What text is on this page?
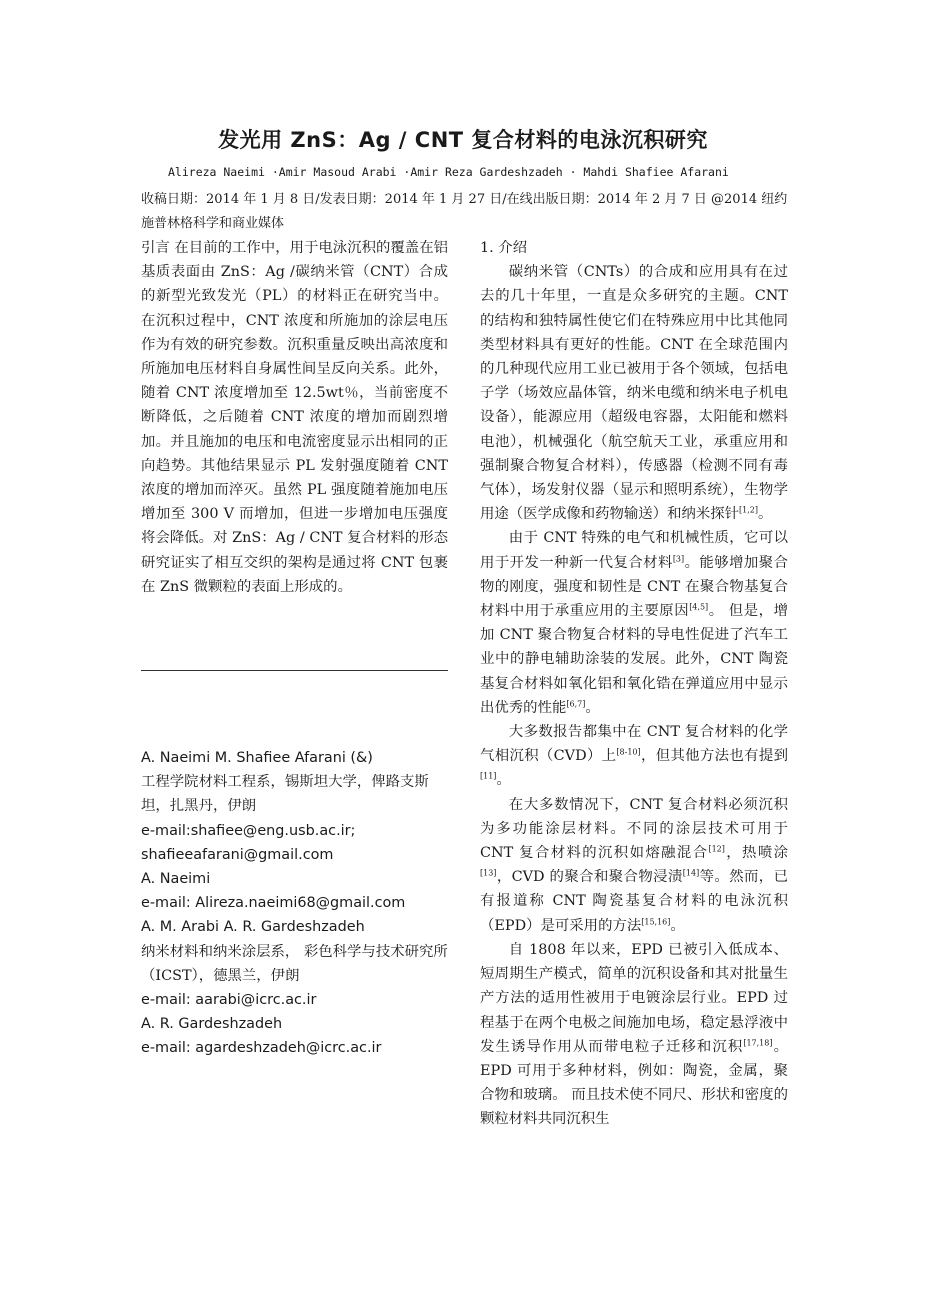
发光用 ZnS：Ag / CNT 复合材料的电泳沉积研究
Alireza Naeimi ·Amir Masoud Arabi ·Amir Reza Gardeshzadeh · Mahdi Shafiee Afarani
收稿日期：2014 年 1 月 8 日/发表日期：2014 年 1 月 27 日/在线出版日期：2014 年 2 月 7 日 @2014 纽约施普林格科学和商业媒体

引言 在目前的工作中，用于电泳沉积的覆盖在铝基质表面由 ZnS：Ag /碳纳米管（CNT）合成的新型光致发光（PL）的材料正在研究当中。在沉积过程中，CNT 浓度和所施加的涂层电压作为有效的研究参数。沉积重量反映出高浓度和所施加电压材料自身属性间呈反向关系。此外，随着 CNT 浓度增加至 12.5wt％，当前密度不断降低，之后随着 CNT 浓度的增加而剧烈增加。并且施加的电压和电流密度显示出相同的正向趋势。其他结果显示 PL 发射强度随着 CNT 浓度的增加而淬灭。虽然 PL 强度随着施加电压增加至 300 V 而增加，但进一步增加电压强度将会降低。对 ZnS：Ag / CNT 复合材料的形态研究证实了相互交织的架构是通过将 CNT 包裹在 ZnS 微颗粒的表面上形成的。

A. Naeimi M. Shafiee Afarani (&)
工程学院材料工程系，锡斯坦大学，俾路支斯坦，扎黑丹，伊朗
e-mail:shafiee@eng.usb.ac.ir;
shafieeafarani@gmail.com
A. Naeimi
e-mail: Alireza.naeimi68@gmail.com
A. M. Arabi A. R. Gardeshzadeh
纳米材料和纳米涂层系， 彩色科学与技术研究所（ICST），德黑兰，伊朗
e-mail: aarabi@icrc.ac.ir
A. R. Gardeshzadeh
e-mail: agardeshzadeh@icrc.ac.ir

1. 介绍

碳纳米管（CNTs）的合成和应用具有在过去的几十年里，一直是众多研究的主题。CNT 的结构和独特属性使它们在特殊应用中比其他同类型材料具有更好的性能。CNT 在全球范围内的几种现代应用工业已被用于各个领域，包括电子学（场效应晶体管，纳米电缆和纳米电子机电设备），能源应用（超级电容器，太阳能和燃料电池），机械强化（航空航天工业，承重应用和强制聚合物复合材料），传感器（检测不同有毒气体），场发射仪器（显示和照明系统），生物学用途（医学成像和药物输送）和纳米探针[1,2]。

由于 CNT 特殊的电气和机械性质，它可以用于开发一种新一代复合材料[3]。能够增加聚合物的刚度，强度和韧性是 CNT 在聚合物基复合材料中用于承重应用的主要原因[4,5]。 但是，增加 CNT 聚合物复合材料的导电性促进了汽车工业中的静电辅助涂装的发展。此外，CNT 陶瓷基复合材料如氧化铝和氧化锆在弹道应用中显示出优秀的性能[6,7]。

大多数报告都集中在 CNT 复合材料的化学气相沉积（CVD）上[8-10]，但其他方法也有提到[11]。

在大多数情况下，CNT 复合材料必须沉积为多功能涂层材料。不同的涂层技术可用于 CNT 复合材料的沉积如熔融混合[12]，热喷涂[13]，CVD 的聚合和聚合物浸渍[14]等。然而，已有报道称 CNT 陶瓷基复合材料的电泳沉积（EPD）是可采用的方法[15,16]。

自 1808 年以来，EPD 已被引入低成本、短周期生产模式，简单的沉积设备和其对批量生产方法的适用性被用于电镀涂层行业。EPD 过程基于在两个电极之间施加电场，稳定悬浮液中发生诱导作用从而带电粒子迁移和沉积[17,18]。EPD 可用于多种材料，例如：陶瓷，金属，聚合物和玻璃。 而且技术使不同尺、形状和密度的颗粒材料共同沉积生
